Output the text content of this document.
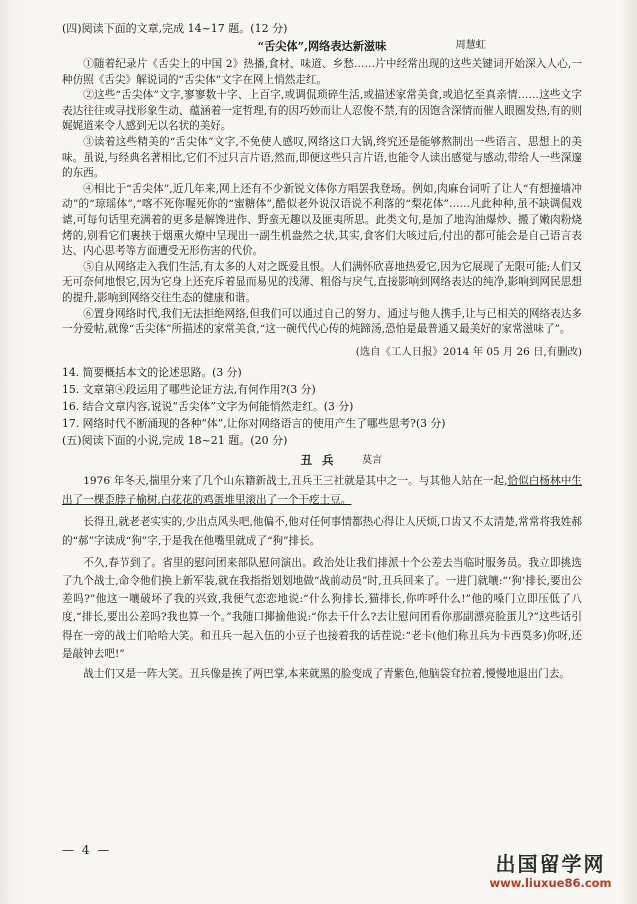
(四)阅读下面的文章,完成 14~17 题。(12 分)
“舌尖体”,网络表达新滋味	周慧虹

①随着纪录片《舌尖上的中国 2》热播,食材、味道、乡愁……片中经常出现的这些关键词开始深入人心,一种仿照《舌尖》解说词的“舌尖体”文字在网上悄然走红。

②这些“舌尖体”文字,寥寥数十字、上百字,或调侃琐碎生活,或描述家常美食,或追忆至真亲情……这些文字表达往往或寻找形象生动、蕴涵着一定哲理,有的因巧妙而让人忍俊不禁,有的因饱含深情而催人眼圈发热,有的则娓娓道来令人感到无以名状的美好。

③读着这些精美的“舌尖体”文字,不免使人感叹,网络这口大锅,终究还是能够熬制出一些语言、思想上的美味。虽说,与经典名著相比,它们不过只言片语,然而,即便这些只言片语,也能令人读出感觉与感动,带给人一些深邃的东西。

④相比于“舌尖体”,近几年来,网上还有不少新锐文体你方唱罢我登场。例如,肉麻台词听了让人“有想撞墙冲动”的“琼瑶体”,“喀不死你喔死你的“蜜糖体”,酷似老外说汉语说不利落的“梨花体”……凡此种种,虽不缺调侃戏谑,可每句话里充满着的更多是解馋进作、野蛮无趣以及匪夷所思。此类文句,是加了地沟油爆炒、搬了嫩肉粉烧烤的,别看它们裹挟于烟熏火燎中呈现出一副生机盎然之状,其实,食客们大咳过后,付出的都可能会是自己语言表达、内心思考等方面遭受无形伤害的代价。

⑤自从网络走入我们生活,有太多的人对之既爱且恨。人们满怀欣喜地热爱它,因为它展现了无限可能;人们又无可奈何地恨它,因为它身上还充斥着显而易见的浅薄、粗俗与戾气,直接影响到网络表达的纯净,影响到网民思想的提升,影响到网络交往生态的健康和谐。

⑥置身网络时代,我们无法拒绝网络,但我们可以通过自己的努力、通过与他人携手,让与已相关的网络表达多一分爱帖,就像“舌尖体”所描述的家常美食,“这一碗代代心传的炖蹄汤,恐怕是最普通又最美好的家常滋味了”。

(选自《工人日报》2014 年 05 月 26 日,有删改)
14. 简要概括本文的论述思路。(3 分)
15. 文章第④段运用了哪些论证方法,有何作用?(3 分)
16. 结合文章内容,说说“舌尖体”文字为何能悄然走红。(3 分)
17. 网络时代不断涌现的各种“体”,让你对网络语言的使用产生了哪些思考?(3 分)
(五)阅读下面的小说,完成 18~21 题。(20 分)
丑兵 莫言

1976 年冬天,揣里分来了几个山东籍新战士,丑兵王三社就是其中之一。与其他人站在一起,恰似白杨林中生出了一棵歪脖子榆树,白花花的鸡蛋堆里滚出了一个干疙土豆。

长得丑,就老老实实的,少出点风头吧,他偏不,他对任何事情都热心得让人厌烦,口齿又不太清楚,常常将我姓郝的“郝”字读成“狗”字,于是我在他嘴里就成了“狗”排长。

不久,春节到了。省里的慰问团来部队慰问演出。政治处让我们排派十个公差去当临时服务员。我立即挑选了九个战士,命令他们换上新军装,就在我指指划划地做“战前动员”时,丑兵回来了。一进门就嚷:“‘狗’排长,要出公差吗?”他这一嚷破坏了我的兴致,我便气恋恋地说:“什么狗排长,猫排长,你咋呼什么!”他的嗓门立即压低了八度,“排长,要出公差吗?我也算一个。”我随口揶揄他说:“你去干什么?去让慰问团看你那副漂亮脸蛋儿?”这些话引得在一旁的战士们哈哈大笑。和丑兵一起入伍的小豆子也接着我的话茬说:“老卡(他们称丑兵为卡西莫多)你呀,还是敲钟去吧!”

战士们又是一阵大笑。丑兵像是挨了两巴掌,本来就黑的脸变成了青紫色,他脑袋耷拉着,慢慢地退出门去。

— 4 —
出国留学网
www.liuxue86.com
